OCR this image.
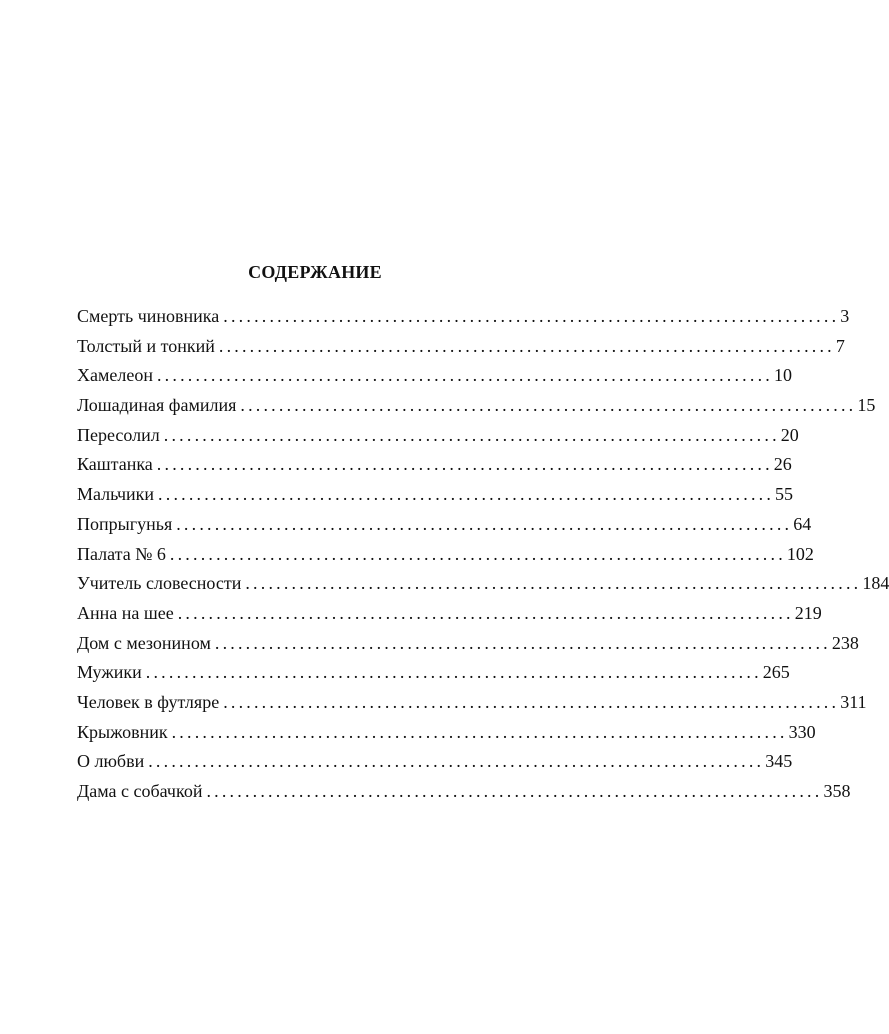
СОДЕРЖАНИЕ
Смерть чиновника ................................................................................ 3
Толстый и тонкий ................................................................................ 7
Хамелеон ................................................................................ 10
Лошадиная фамилия ................................................................................ 15
Пересолил ................................................................................ 20
Каштанка ................................................................................ 26
Мальчики ................................................................................ 55
Попрыгунья ................................................................................ 64
Палата № 6 ................................................................................ 102
Учитель словесности ................................................................................ 184
Анна на шее ................................................................................ 219
Дом с мезонином ................................................................................ 238
Мужики ................................................................................ 265
Человек в футляре ................................................................................ 311
Крыжовник ................................................................................ 330
О любви ................................................................................ 345
Дама с собачкой ................................................................................ 358
